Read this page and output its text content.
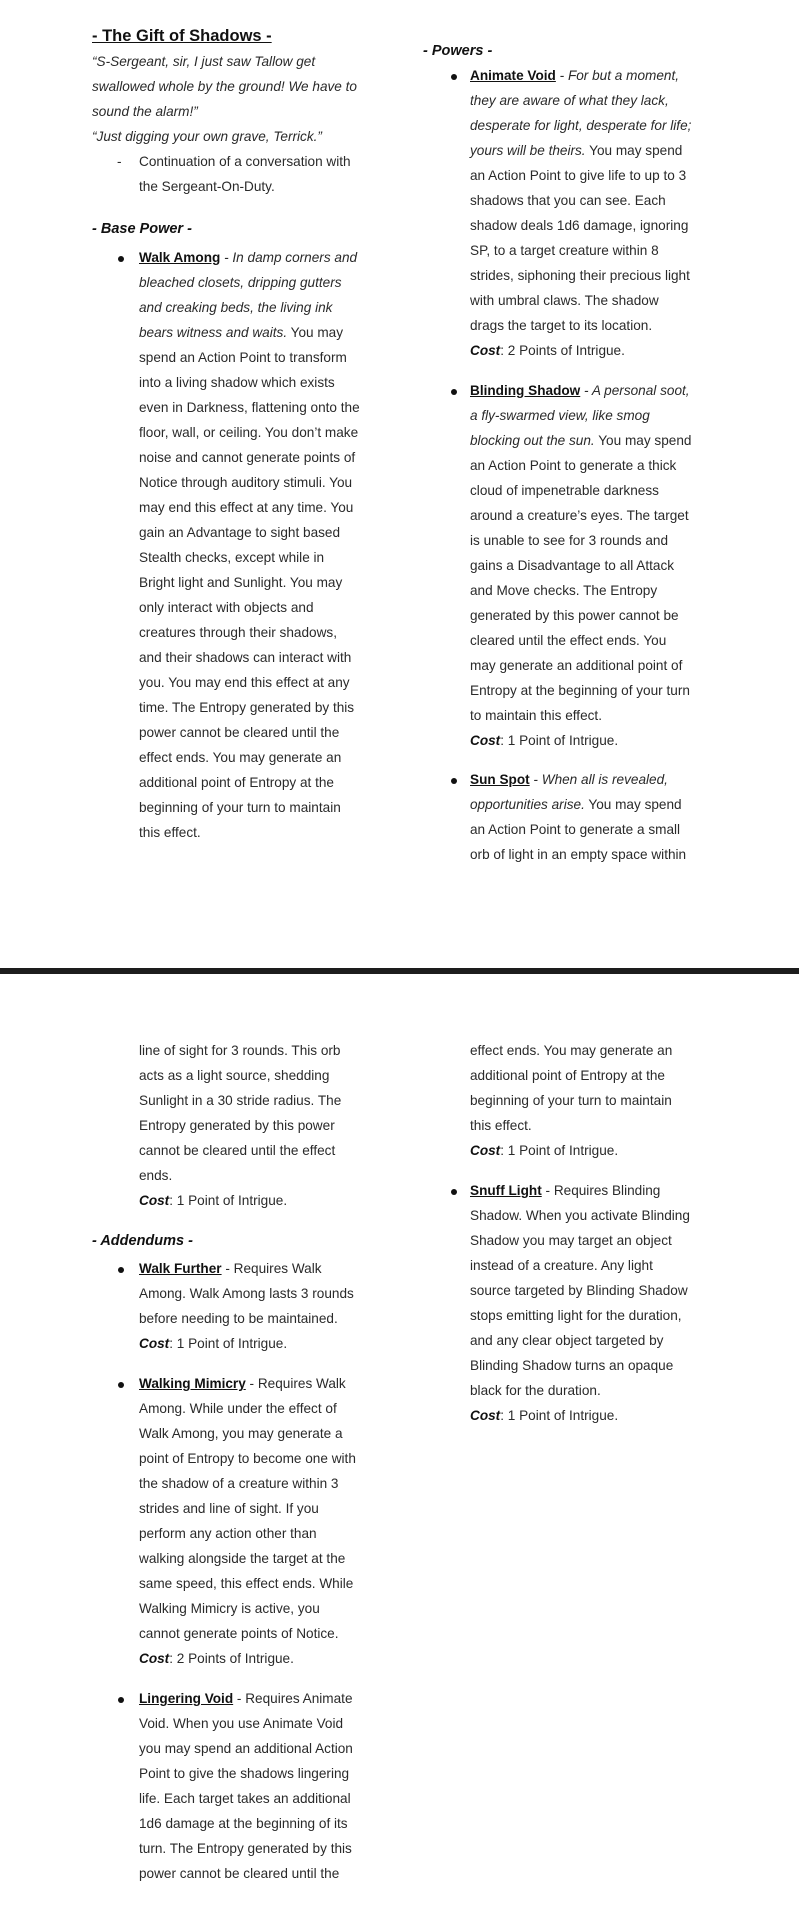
- The Gift of Shadows -
“S-Sergeant, sir, I just saw Tallow get
swallowed whole by the ground! We have to
sound the alarm!”
“Just digging your own grave, Terrick.”
- Continuation of a conversation with
the Sergeant-On-Duty.
- Base Power -
Walk Among - In damp corners and
bleached closets, dripping gutters
and creaking beds, the living ink
bears witness and waits. You may
spend an Action Point to transform
into a living shadow which exists
even in Darkness, flattening onto the
floor, wall, or ceiling. You don’t make
noise and cannot generate points of
Notice through auditory stimuli. You
may end this effect at any time. You
gain an Advantage to sight based
Stealth checks, except while in
Bright light and Sunlight. You may
only interact with objects and
creatures through their shadows,
and their shadows can interact with
you. You may end this effect at any
time. The Entropy generated by this
power cannot be cleared until the
effect ends. You may generate an
additional point of Entropy at the
beginning of your turn to maintain
this effect.
- Powers -
Animate Void - For but a moment,
they are aware of what they lack,
desperate for light, desperate for life;
yours will be theirs. You may spend
an Action Point to give life to up to 3
shadows that you can see. Each
shadow deals 1d6 damage, ignoring
SP, to a target creature within 8
strides, siphoning their precious light
with umbral claws. The shadow
drags the target to its location.
Cost: 2 Points of Intrigue.
Blinding Shadow - A personal soot,
a fly-swarmed view, like smog
blocking out the sun. You may spend
an Action Point to generate a thick
cloud of impenetrable darkness
around a creature’s eyes. The target
is unable to see for 3 rounds and
gains a Disadvantage to all Attack
and Move checks. The Entropy
generated by this power cannot be
cleared until the effect ends. You
may generate an additional point of
Entropy at the beginning of your turn
to maintain this effect.
Cost: 1 Point of Intrigue.
Sun Spot - When all is revealed,
opportunities arise. You may spend
an Action Point to generate a small
orb of light in an empty space within
line of sight for 3 rounds. This orb
acts as a light source, shedding
Sunlight in a 30 stride radius. The
Entropy generated by this power
cannot be cleared until the effect
ends.
Cost: 1 Point of Intrigue.
- Addendums -
Walk Further - Requires Walk
Among. Walk Among lasts 3 rounds
before needing to be maintained.
Cost: 1 Point of Intrigue.
Walking Mimicry - Requires Walk
Among. While under the effect of
Walk Among, you may generate a
point of Entropy to become one with
the shadow of a creature within 3
strides and line of sight. If you
perform any action other than
walking alongside the target at the
same speed, this effect ends. While
Walking Mimicry is active, you
cannot generate points of Notice.
Cost: 2 Points of Intrigue.
Lingering Void - Requires Animate
Void. When you use Animate Void
you may spend an additional Action
Point to give the shadows lingering
life. Each target takes an additional
1d6 damage at the beginning of its
turn. The Entropy generated by this
power cannot be cleared until the
effect ends. You may generate an
additional point of Entropy at the
beginning of your turn to maintain
this effect.
Cost: 1 Point of Intrigue.
Snuff Light - Requires Blinding
Shadow. When you activate Blinding
Shadow you may target an object
instead of a creature. Any light
source targeted by Blinding Shadow
stops emitting light for the duration,
and any clear object targeted by
Blinding Shadow turns an opaque
black for the duration.
Cost: 1 Point of Intrigue.
